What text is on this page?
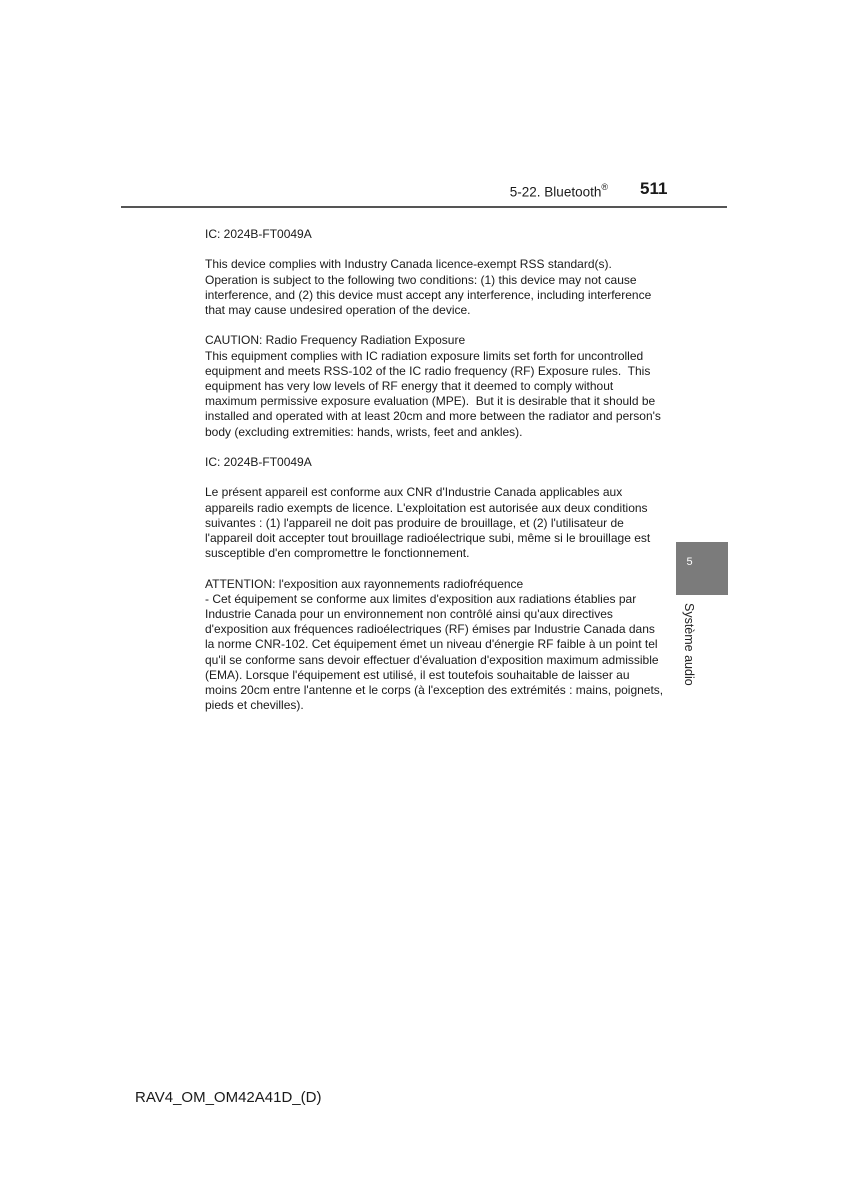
5-22. Bluetooth® 511

IC: 2024B-FT0049A

This device complies with Industry Canada licence-exempt RSS standard(s).
Operation is subject to the following two conditions: (1) this device may not cause
interference, and (2) this device must accept any interference, including interference
that may cause undesired operation of the device.

CAUTION: Radio Frequency Radiation Exposure
This equipment complies with IC radiation exposure limits set forth for uncontrolled
equipment and meets RSS-102 of the IC radio frequency (RF) Exposure rules.  This
equipment has very low levels of RF energy that it deemed to comply without
maximum permissive exposure evaluation (MPE).  But it is desirable that it should be
installed and operated with at least 20cm and more between the radiator and person's
body (excluding extremities: hands, wrists, feet and ankles).

IC: 2024B-FT0049A

Le présent appareil est conforme aux CNR d'Industrie Canada applicables aux
appareils radio exempts de licence. L'exploitation est autorisée aux deux conditions
suivantes : (1) l'appareil ne doit pas produire de brouillage, et (2) l'utilisateur de
l'appareil doit accepter tout brouillage radioélectrique subi, même si le brouillage est
susceptible d'en compromettre le fonctionnement.

ATTENTION: l'exposition aux rayonnements radiofréquence
- Cet équipement se conforme aux limites d'exposition aux radiations établies par
Industrie Canada pour un environnement non contrôlé ainsi qu'aux directives
d'exposition aux fréquences radioélectriques (RF) émises par Industrie Canada dans
la norme CNR-102. Cet équipement émet un niveau d'énergie RF faible à un point tel
qu'il se conforme sans devoir effectuer d'évaluation d'exposition maximum admissible
(EMA). Lorsque l'équipement est utilisé, il est toutefois souhaitable de laisser au
moins 20cm entre l'antenne et le corps (à l'exception des extrémités : mains, poignets,
pieds et chevilles).

5
Système audio
RAV4_OM_OM42A41D_(D)
